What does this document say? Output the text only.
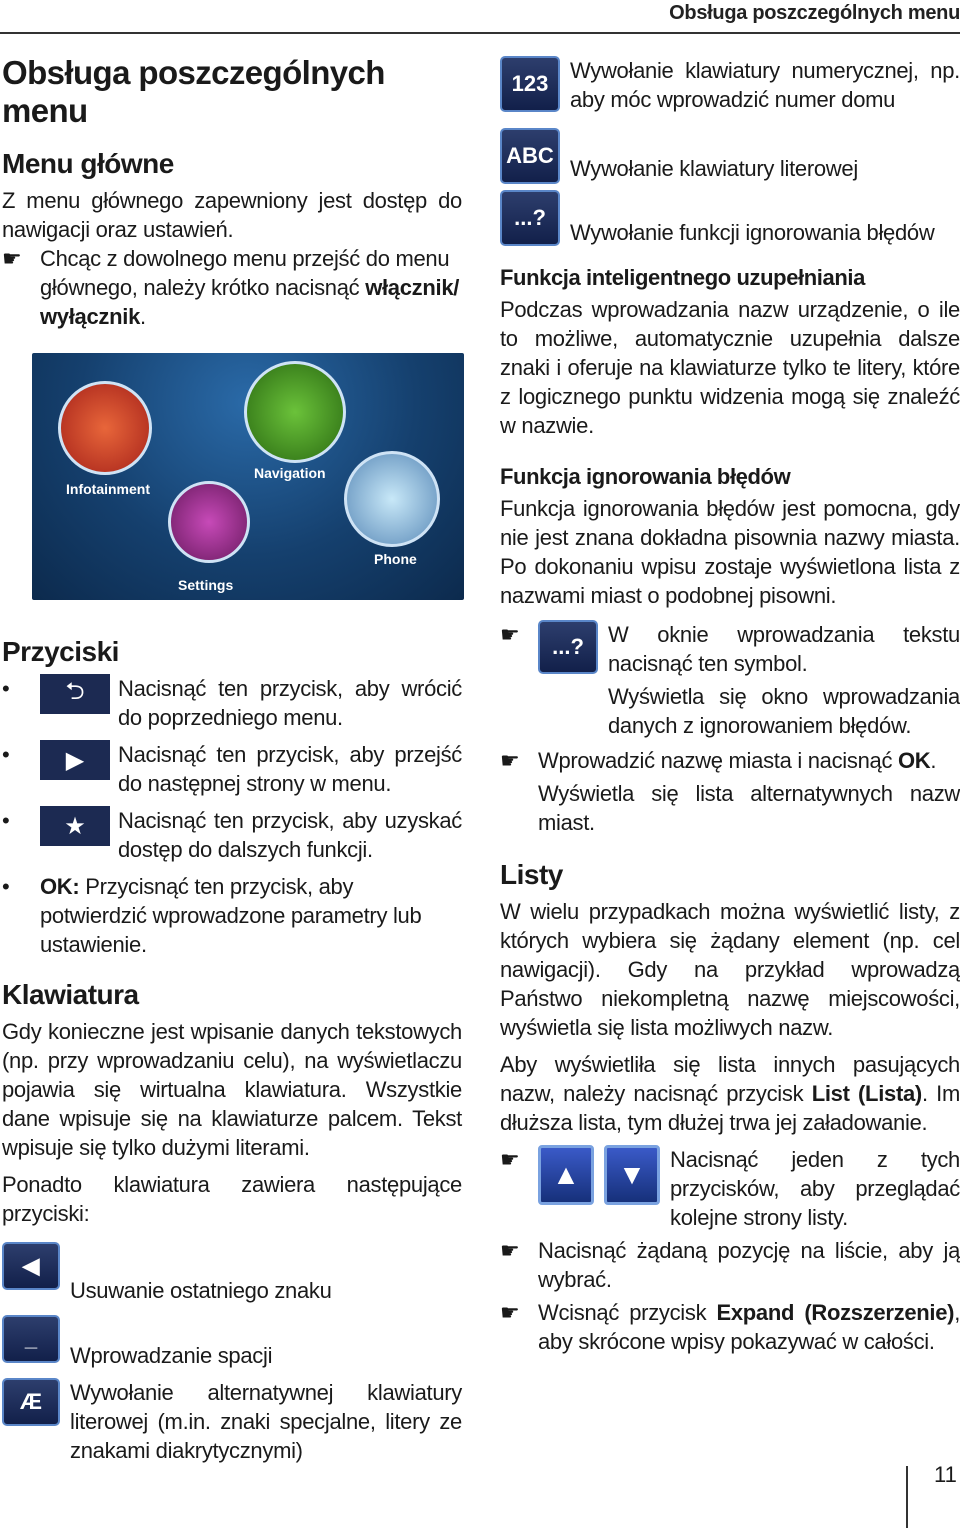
Obsługa poszczególnych menu
Obsługa poszczególnych menu
Menu główne

Z menu głównego zapewniony jest dostęp do nawigacji oraz ustawień.

☛ Chcąc z dowolnego menu przejść do menu głównego, należy krótko nacisnąć włącznik/ wyłącznik.

Infotainment
Navigation
Settings
Phone
Przyciski
•	⮌	Nacisnąć ten przycisk, aby wrócić do poprzedniego menu.

•	▶	Nacisnąć ten przycisk, aby przejść do następnej strony w menu.

•	★	Nacisnąć ten przycisk, aby uzyskać dostęp do dalszych funkcji.

•	OK: Przycisnąć ten przycisk, aby potwierdzić wprowadzone parametry lub ustawienie.

Klawiatura

Gdy konieczne jest wpisanie danych tekstowych (np. przy wprowadzaniu celu), na wyświetlaczu pojawia się wirtualna klawiatura. Wszystkie dane wpisuje się na klawiaturze palcem. Tekst wpisuje się tylko dużymi literami.

Ponadto klawiatura zawiera następujące przyciski:

◀

Usuwanie ostatniego znaku

_

Wprowadzanie spacji

Æ	Wywołanie alternatywnej klawiatury literowej (m.in. znaki specjalne, litery ze znakami diakrytycznymi)

123

Wywołanie klawiatury numerycznej, np. aby móc wprowadzić numer domu

ABC

Wywołanie klawiatury literowej

...?

Wywołanie funkcji ignorowania błędów

Funkcja inteligentnego uzupełniania

Podczas wprowadzania nazw urządzenie, o ile to możliwe, automatycznie uzupełnia dalsze znaki i oferuje na klawiaturze tylko te litery, które z logicznego punktu widzenia mogą się znaleźć w nazwie.

Funkcja ignorowania błędów

Funkcja ignorowania błędów jest pomocna, gdy nie jest znana dokładna pisownia nazwy miasta. Po dokonaniu wpisu zostaje wyświetlona lista z nazwami miast o podobnej pisowni.

☛	...?	W oknie wprowadzania tekstu nacisnąć ten symbol.

Wyświetla się okno wprowadzania danych z ignorowaniem błędów.

☛ Wprowadzić nazwę miasta i nacisnąć OK.

Wyświetla się lista alternatywnych nazw miast.

Listy

W wielu przypadkach można wyświetlić listy, z których wybiera się żądany element (np. cel nawigacji). Gdy na przykład wprowadzą Państwo niekompletną nazwę miejscowości, wyświetla się lista możliwych nazw.

Aby wyświetliła się lista innych pasujących nazw, należy nacisnąć przycisk List (Lista). Im dłuższa lista, tym dłużej trwa jej załadowanie.

☛	▲	▼	Nacisnąć jeden z tych przycisków, aby przeglądać kolejne strony listy.

☛ Nacisnąć żądaną pozycję na liście, aby ją wybrać.

☛ Wcisnąć przycisk Expand (Rozszerzenie), aby skrócone wpisy pokazywać w całości.

11
